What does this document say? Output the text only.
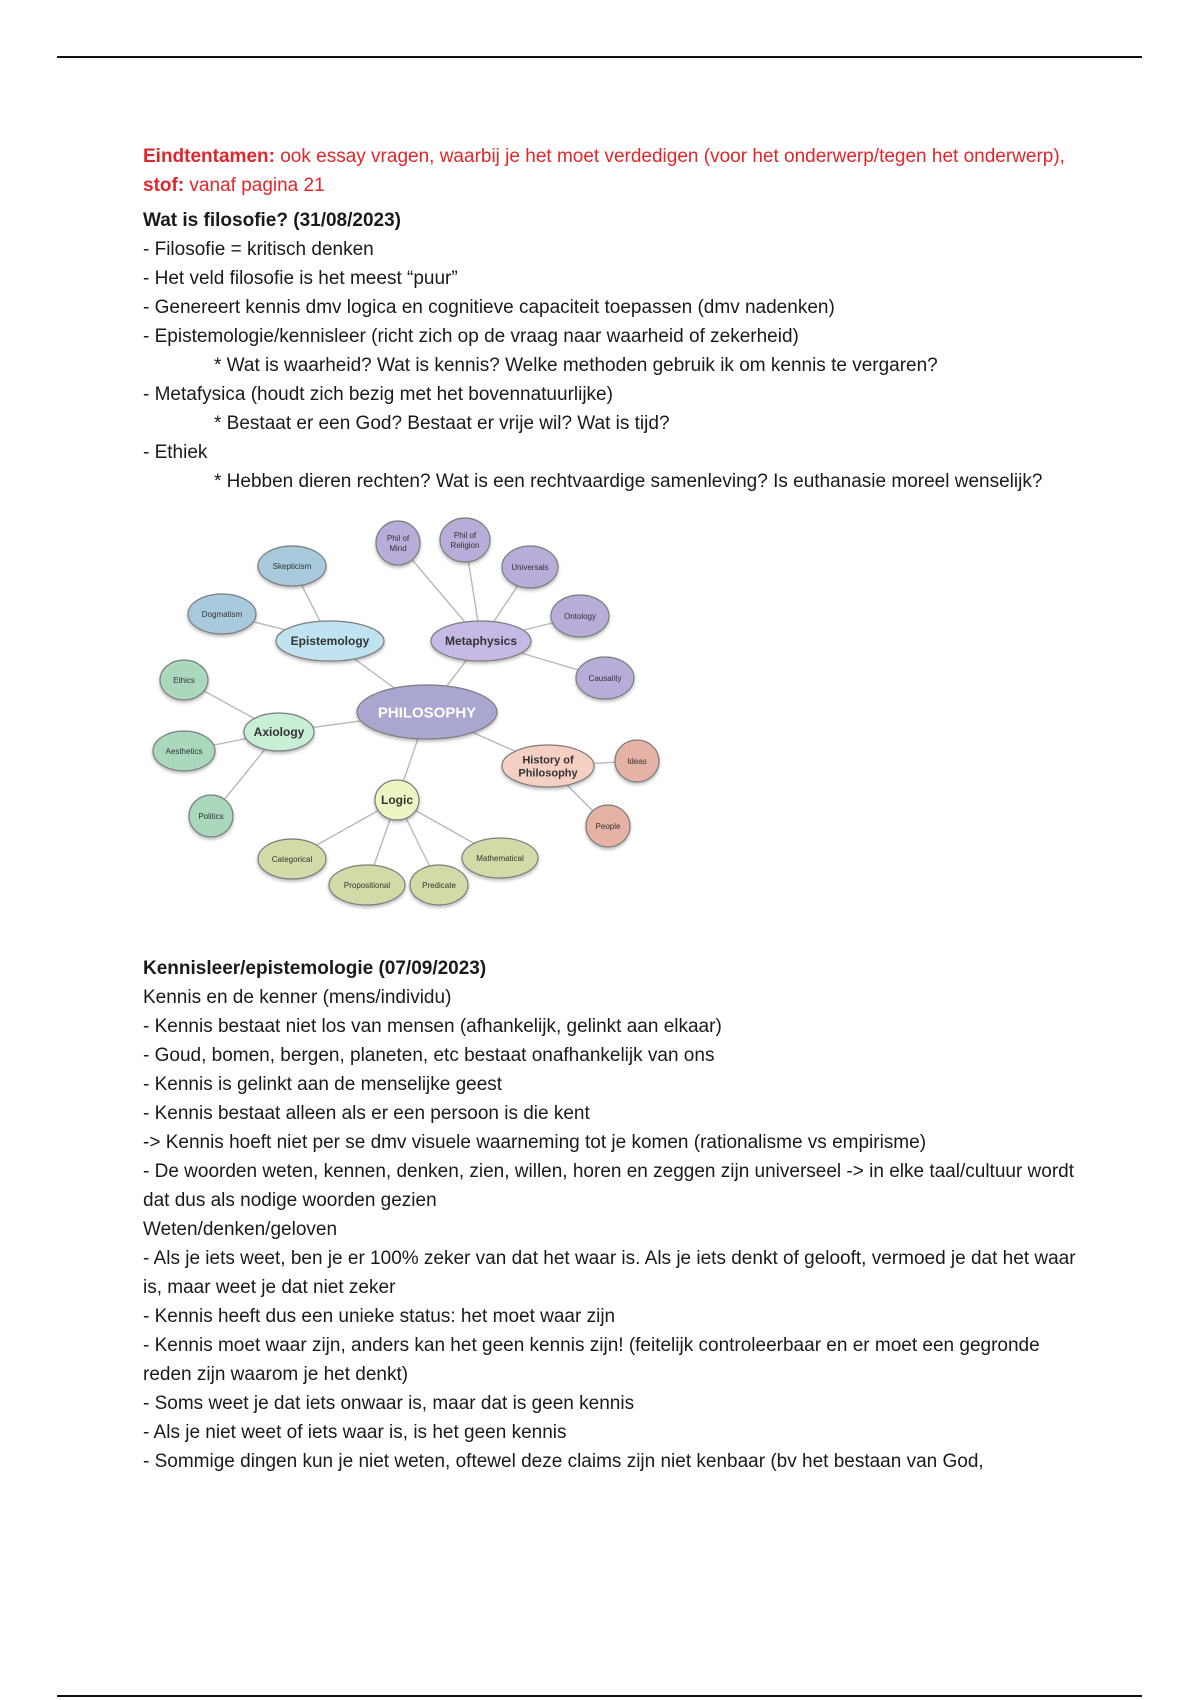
Eindtentamen: ook essay vragen, waarbij je het moet verdedigen (voor het onderwerp/tegen het onderwerp), stof: vanaf pagina 21

Wat is filosofie? (31/08/2023)

- Filosofie = kritisch denken

- Het veld filosofie is het meest “puur”

- Genereert kennis dmv logica en cognitieve capaciteit toepassen (dmv nadenken)

- Epistemologie/kennisleer (richt zich op de vraag naar waarheid of zekerheid)

* Wat is waarheid? Wat is kennis? Welke methoden gebruik ik om kennis te vergaren?

- Metafysica (houdt zich bezig met het bovennatuurlijke)

* Bestaat er een God? Bestaat er vrije wil? Wat is tijd?

- Ethiek

* Hebben dieren rechten? Wat is een rechtvaardige samenleving? Is euthanasie moreel wenselijk?

PHILOSOPHY
Epistemology	Metaphysics
Axiology
Logic
History of
Philosophy
Skepticism
Dogmatism
Phil of
Mind
Phil of
Religion
Universals
Ontology
Causality
Ethics
Aesthetics
Politics
Ideas
People
Categorical
Propositional	Predicate
Mathematical

Kennisleer/epistemologie (07/09/2023)

Kennis en de kenner (mens/individu)

- Kennis bestaat niet los van mensen (afhankelijk, gelinkt aan elkaar)

- Goud, bomen, bergen, planeten, etc bestaat onafhankelijk van ons

- Kennis is gelinkt aan de menselijke geest

- Kennis bestaat alleen als er een persoon is die kent

-> Kennis hoeft niet per se dmv visuele waarneming tot je komen (rationalisme vs empirisme)

- De woorden weten, kennen, denken, zien, willen, horen en zeggen zijn universeel -> in elke taal/cultuur wordt dat dus als nodige woorden gezien

Weten/denken/geloven

- Als je iets weet, ben je er 100% zeker van dat het waar is. Als je iets denkt of gelooft, vermoed je dat het waar is, maar weet je dat niet zeker

- Kennis heeft dus een unieke status: het moet waar zijn

- Kennis moet waar zijn, anders kan het geen kennis zijn! (feitelijk controleerbaar en er moet een gegronde reden zijn waarom je het denkt)

- Soms weet je dat iets onwaar is, maar dat is geen kennis

- Als je niet weet of iets waar is, is het geen kennis

- Sommige dingen kun je niet weten, oftewel deze claims zijn niet kenbaar (bv het bestaan van God,
